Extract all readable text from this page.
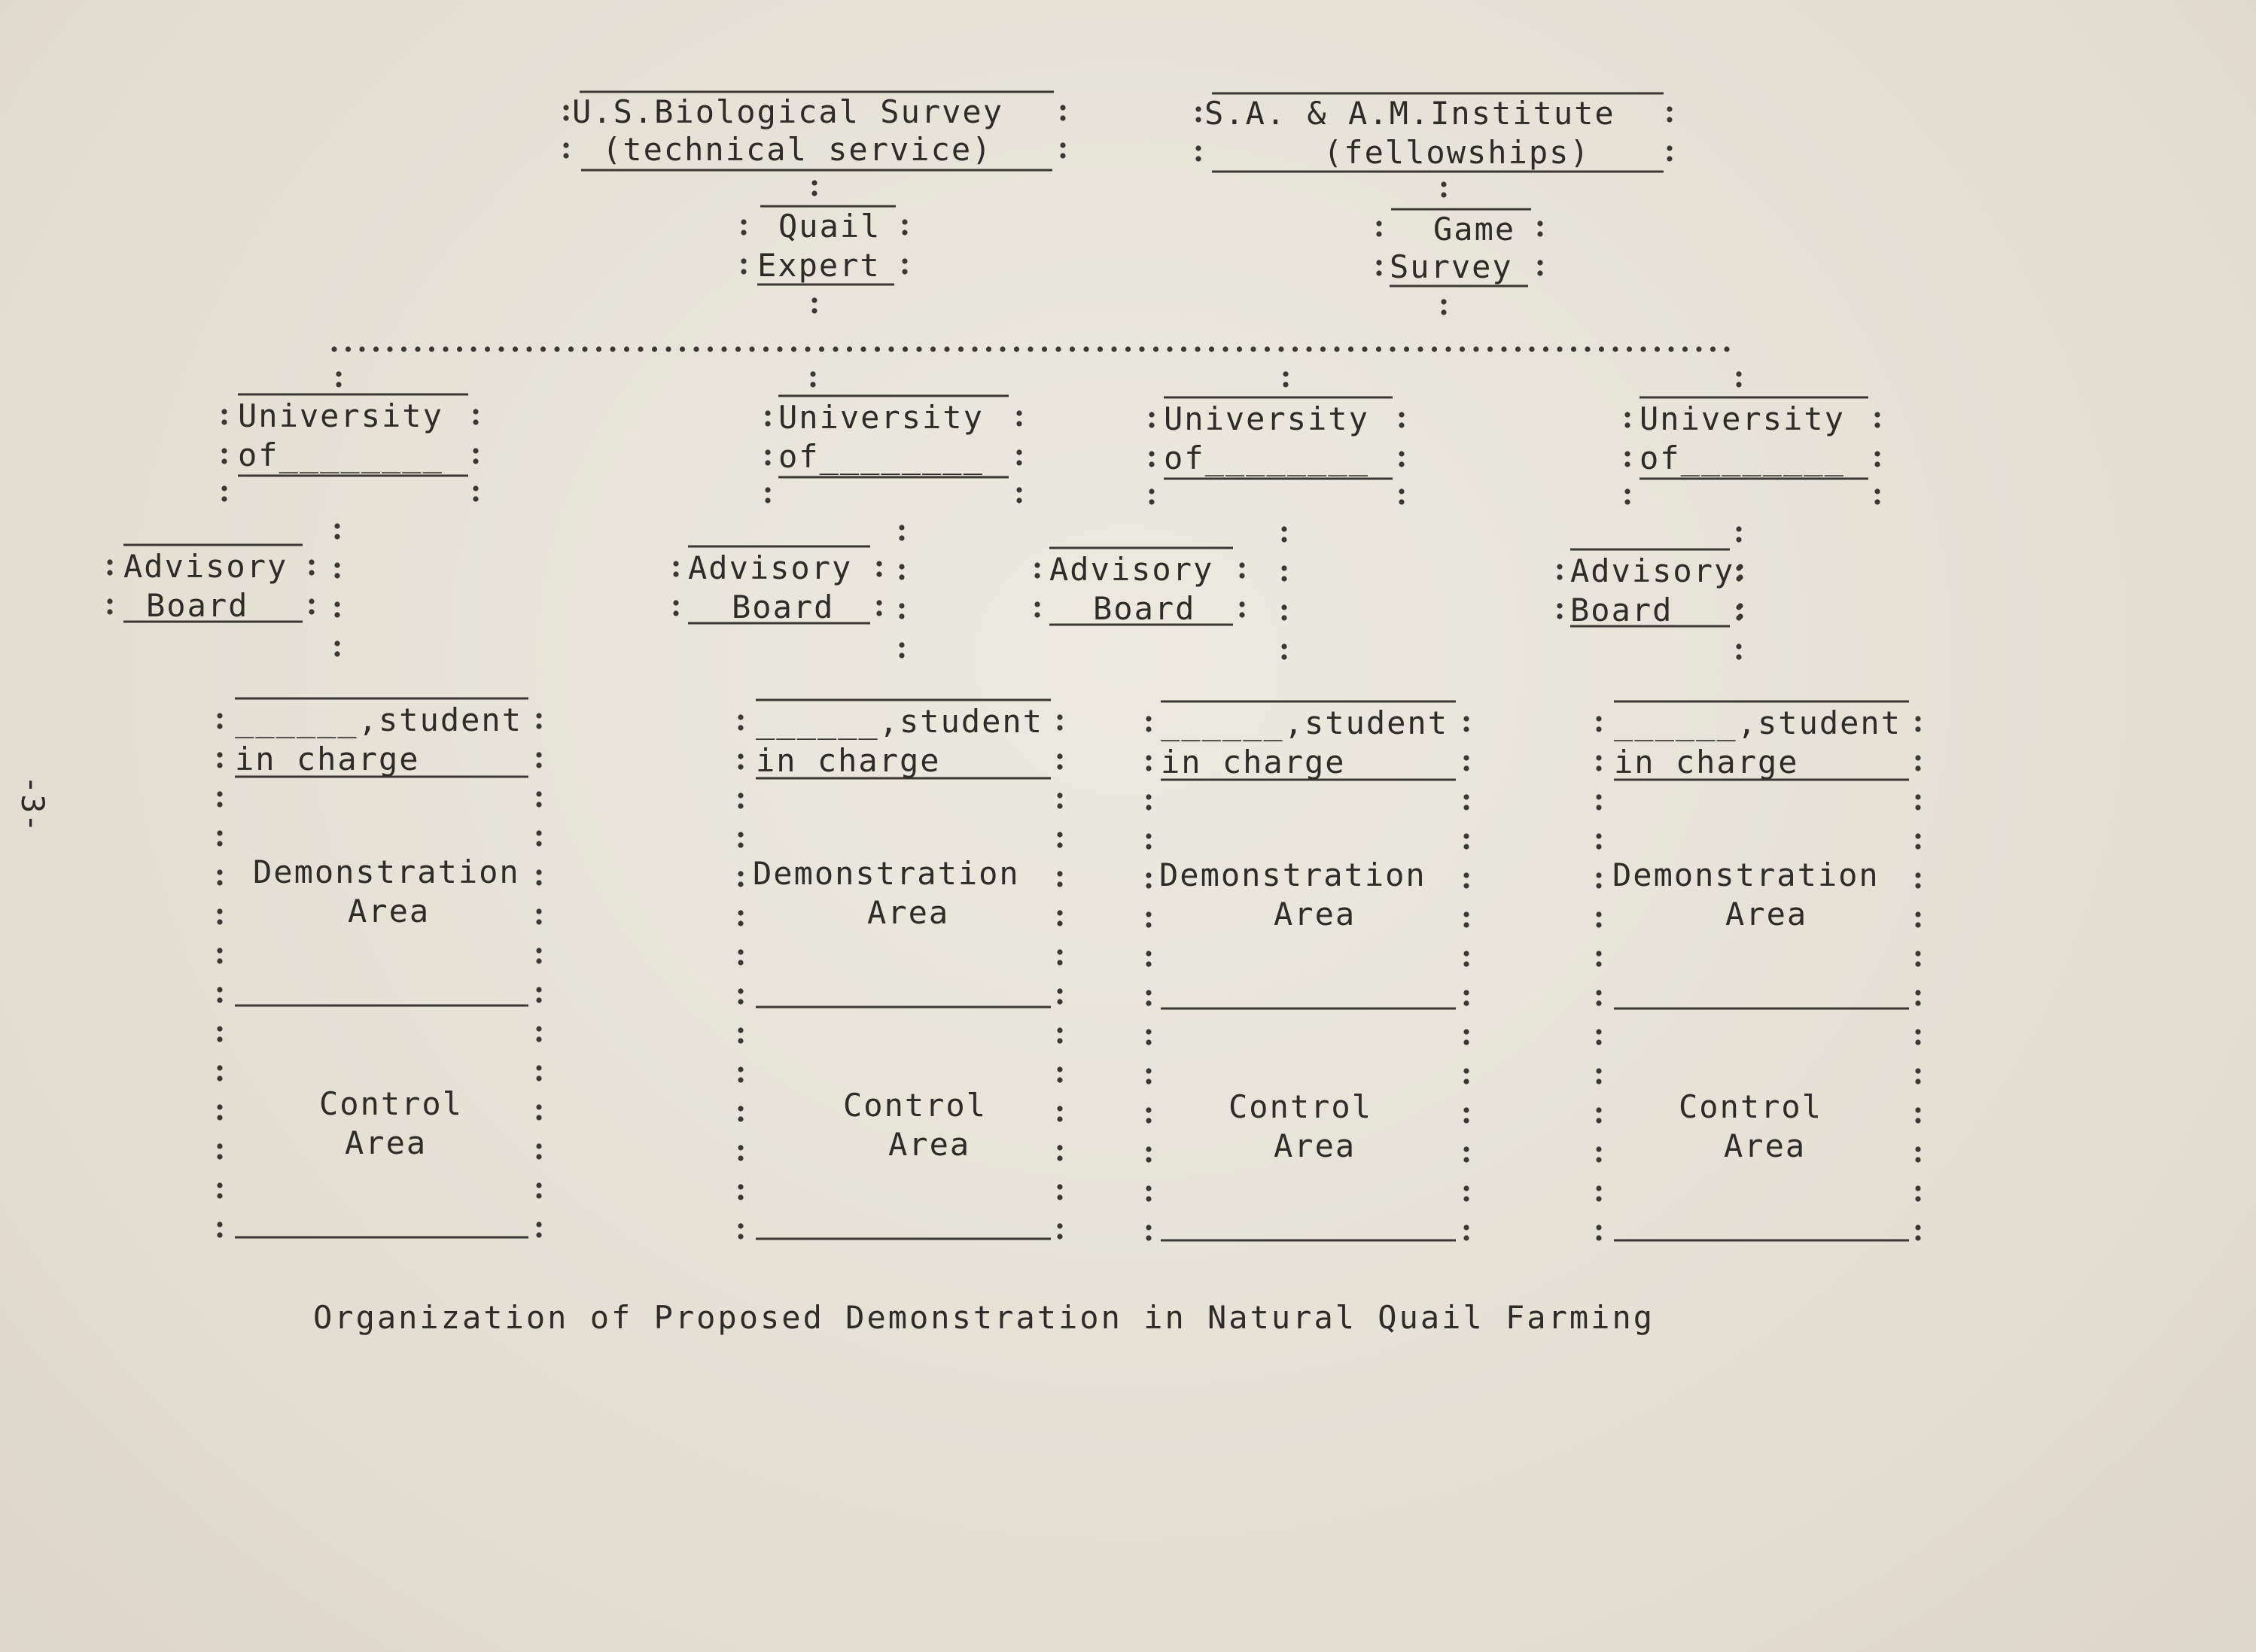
-3-
U.S.Biological Survey
(technical service)
S.A. & A.M.Institute
(fellowships)
Quail
Expert
Game
Survey
University
of________
Advisory
Board
______,student
in charge
Demonstration
Area
Control
Area
University
of________
Advisory
Board
______,student
in charge
Demonstration
Area
Control
Area
University
of________
Advisory
Board
______,student
in charge
Demonstration
Area
Control
Area
University
of________
Advisory
Board
______,student
in charge
Demonstration
Area
Control
Area
Organization of Proposed Demonstration in Natural Quail Farming
